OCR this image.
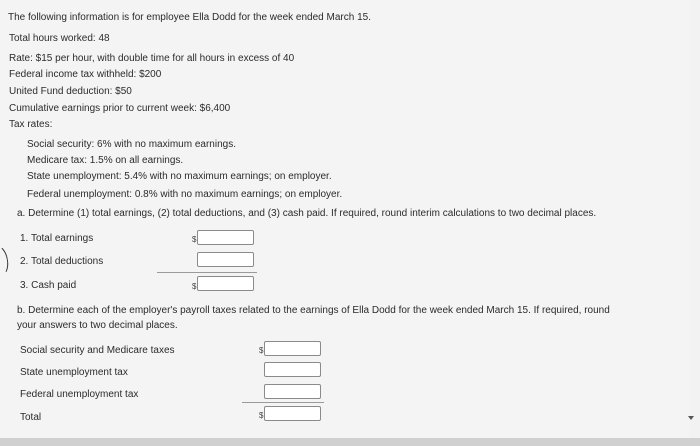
The following information is for employee Ella Dodd for the week ended March 15.
Total hours worked: 48
Rate: $15 per hour, with double time for all hours in excess of 40
Federal income tax withheld: $200
United Fund deduction: $50
Cumulative earnings prior to current week: $6,400
Tax rates:
Social security: 6% with no maximum earnings.
Medicare tax: 1.5% on all earnings.
State unemployment: 5.4% with no maximum earnings; on employer.
Federal unemployment: 0.8% with no maximum earnings; on employer.
a. Determine (1) total earnings, (2) total deductions, and (3) cash paid. If required, round interim calculations to two decimal places.
1. Total earnings	$
2. Total deductions
3. Cash paid	$
b. Determine each of the employer's payroll taxes related to the earnings of Ella Dodd for the week ended March 15. If required, round
your answers to two decimal places.
Social security and Medicare taxes	$
State unemployment tax
Federal unemployment tax
Total	$
